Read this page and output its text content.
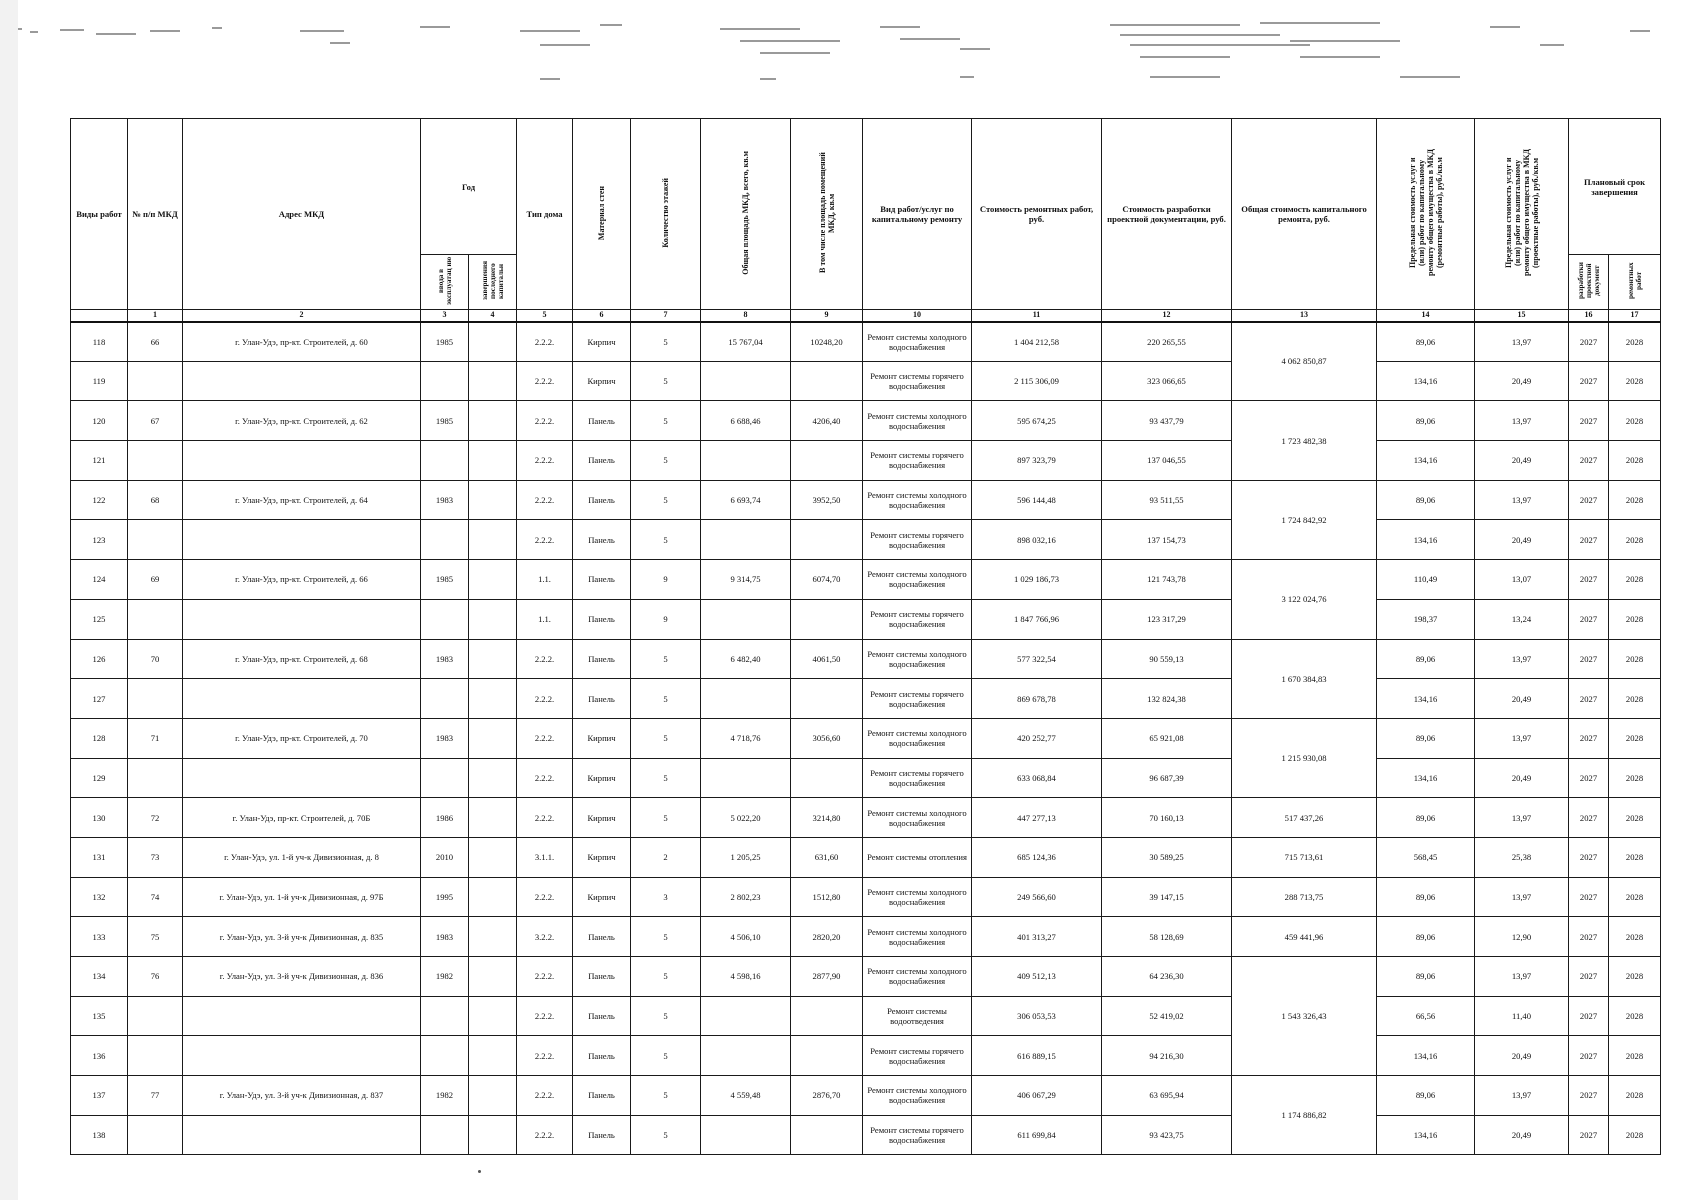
Виды работ	№ п/п МКД	Адрес МКД	Год		Тип дома	Материал стен	Количество этажей	Общая площадь МКД, всего, кв.м	В том числе площадь помещений МКД, кв.м	Вид работ/услуг по капитальному ремонту	Стоимость ремонтных работ, руб.	Стоимость разработки проектной документации, руб.	Общая стоимость капитального ремонта, руб.	Предельная стоимость услуг и (или) работ по капитальному ремонту общего имущества в МКД (ремонтные работы), руб./кв.м	Предельная стоимость услуг и (или) работ по капитальному ремонту общего имущества в МКД (проектные работы), руб./кв.м	Плановый срок завершения	
			ввода в эксплуатац ию	завершения последнего капитальн												разработки проектной документ	ремонтных работ
	1	2	3	4	5	6	7	8	9	10	11	12	13	14	15	16	17
118	66	г. Улан-Удэ, пр-кт. Строителей, д. 60	1985		2.2.2.	Кирпич	5	15 767,04	10248,20	Ремонт системы холодного водоснабжения	1 404 212,58	220 265,55	4 062 850,87	89,06	13,97	2027	2028
119					2.2.2.	Кирпич	5			Ремонт системы горячего водоснабжения	2 115 306,09	323 066,65		134,16	20,49	2027	2028
120	67	г. Улан-Удэ, пр-кт. Строителей, д. 62	1985		2.2.2.	Панель	5	6 688,46	4206,40	Ремонт системы холодного водоснабжения	595 674,25	93 437,79	1 723 482,38	89,06	13,97	2027	2028
121					2.2.2.	Панель	5			Ремонт системы горячего водоснабжения	897 323,79	137 046,55		134,16	20,49	2027	2028
122	68	г. Улан-Удэ, пр-кт. Строителей, д. 64	1983		2.2.2.	Панель	5	6 693,74	3952,50	Ремонт системы холодного водоснабжения	596 144,48	93 511,55	1 724 842,92	89,06	13,97	2027	2028
123					2.2.2.	Панель	5			Ремонт системы горячего водоснабжения	898 032,16	137 154,73		134,16	20,49	2027	2028
124	69	г. Улан-Удэ, пр-кт. Строителей, д. 66	1985		1.1.	Панель	9	9 314,75	6074,70	Ремонт системы холодного водоснабжения	1 029 186,73	121 743,78	3 122 024,76	110,49	13,07	2027	2028
125					1.1.	Панель	9			Ремонт системы горячего водоснабжения	1 847 766,96	123 317,29		198,37	13,24	2027	2028
126	70	г. Улан-Удэ, пр-кт. Строителей, д. 68	1983		2.2.2.	Панель	5	6 482,40	4061,50	Ремонт системы холодного водоснабжения	577 322,54	90 559,13	1 670 384,83	89,06	13,97	2027	2028
127					2.2.2.	Панель	5			Ремонт системы горячего водоснабжения	869 678,78	132 824,38		134,16	20,49	2027	2028
128	71	г. Улан-Удэ, пр-кт. Строителей, д. 70	1983		2.2.2.	Кирпич	5	4 718,76	3056,60	Ремонт системы холодного водоснабжения	420 252,77	65 921,08	1 215 930,08	89,06	13,97	2027	2028
129					2.2.2.	Кирпич	5			Ремонт системы горячего водоснабжения	633 068,84	96 687,39		134,16	20,49	2027	2028
130	72	г. Улан-Удэ, пр-кт. Строителей, д. 70Б	1986		2.2.2.	Кирпич	5	5 022,20	3214,80	Ремонт системы холодного водоснабжения	447 277,13	70 160,13	517 437,26	89,06	13,97	2027	2028
131	73	г. Улан-Удэ, ул. 1-й уч-к Дивизионная, д. 8	2010		3.1.1.	Кирпич	2	1 205,25	631,60	Ремонт системы отопления	685 124,36	30 589,25	715 713,61	568,45	25,38	2027	2028
132	74	г. Улан-Удэ, ул. 1-й уч-к Дивизионная, д. 97Б	1995		2.2.2.	Кирпич	3	2 802,23	1512,80	Ремонт системы холодного водоснабжения	249 566,60	39 147,15	288 713,75	89,06	13,97	2027	2028
133	75	г. Улан-Удэ, ул. 3-й уч-к Дивизионная, д. 835	1983		3.2.2.	Панель	5	4 506,10	2820,20	Ремонт системы холодного водоснабжения	401 313,27	58 128,69	459 441,96	89,06	12,90	2027	2028
134	76	г. Улан-Удэ, ул. 3-й уч-к Дивизионная, д. 836	1982		2.2.2.	Панель	5	4 598,16	2877,90	Ремонт системы холодного водоснабжения	409 512,13	64 236,30	1 543 326,43	89,06	13,97	2027	2028
135					2.2.2.	Панель	5			Ремонт системы водоотведения	306 053,53	52 419,02		66,56	11,40	2027	2028
136					2.2.2.	Панель	5			Ремонт системы горячего водоснабжения	616 889,15	94 216,30		134,16	20,49	2027	2028
137	77	г. Улан-Удэ, ул. 3-й уч-к Дивизионная, д. 837	1982		2.2.2.	Панель	5	4 559,48	2876,70	Ремонт системы холодного водоснабжения	406 067,29	63 695,94	1 174 886,82	89,06	13,97	2027	2028
138					2.2.2.	Панель	5			Ремонт системы горячего водоснабжения	611 699,84	93 423,75		134,16	20,49	2027	2028
